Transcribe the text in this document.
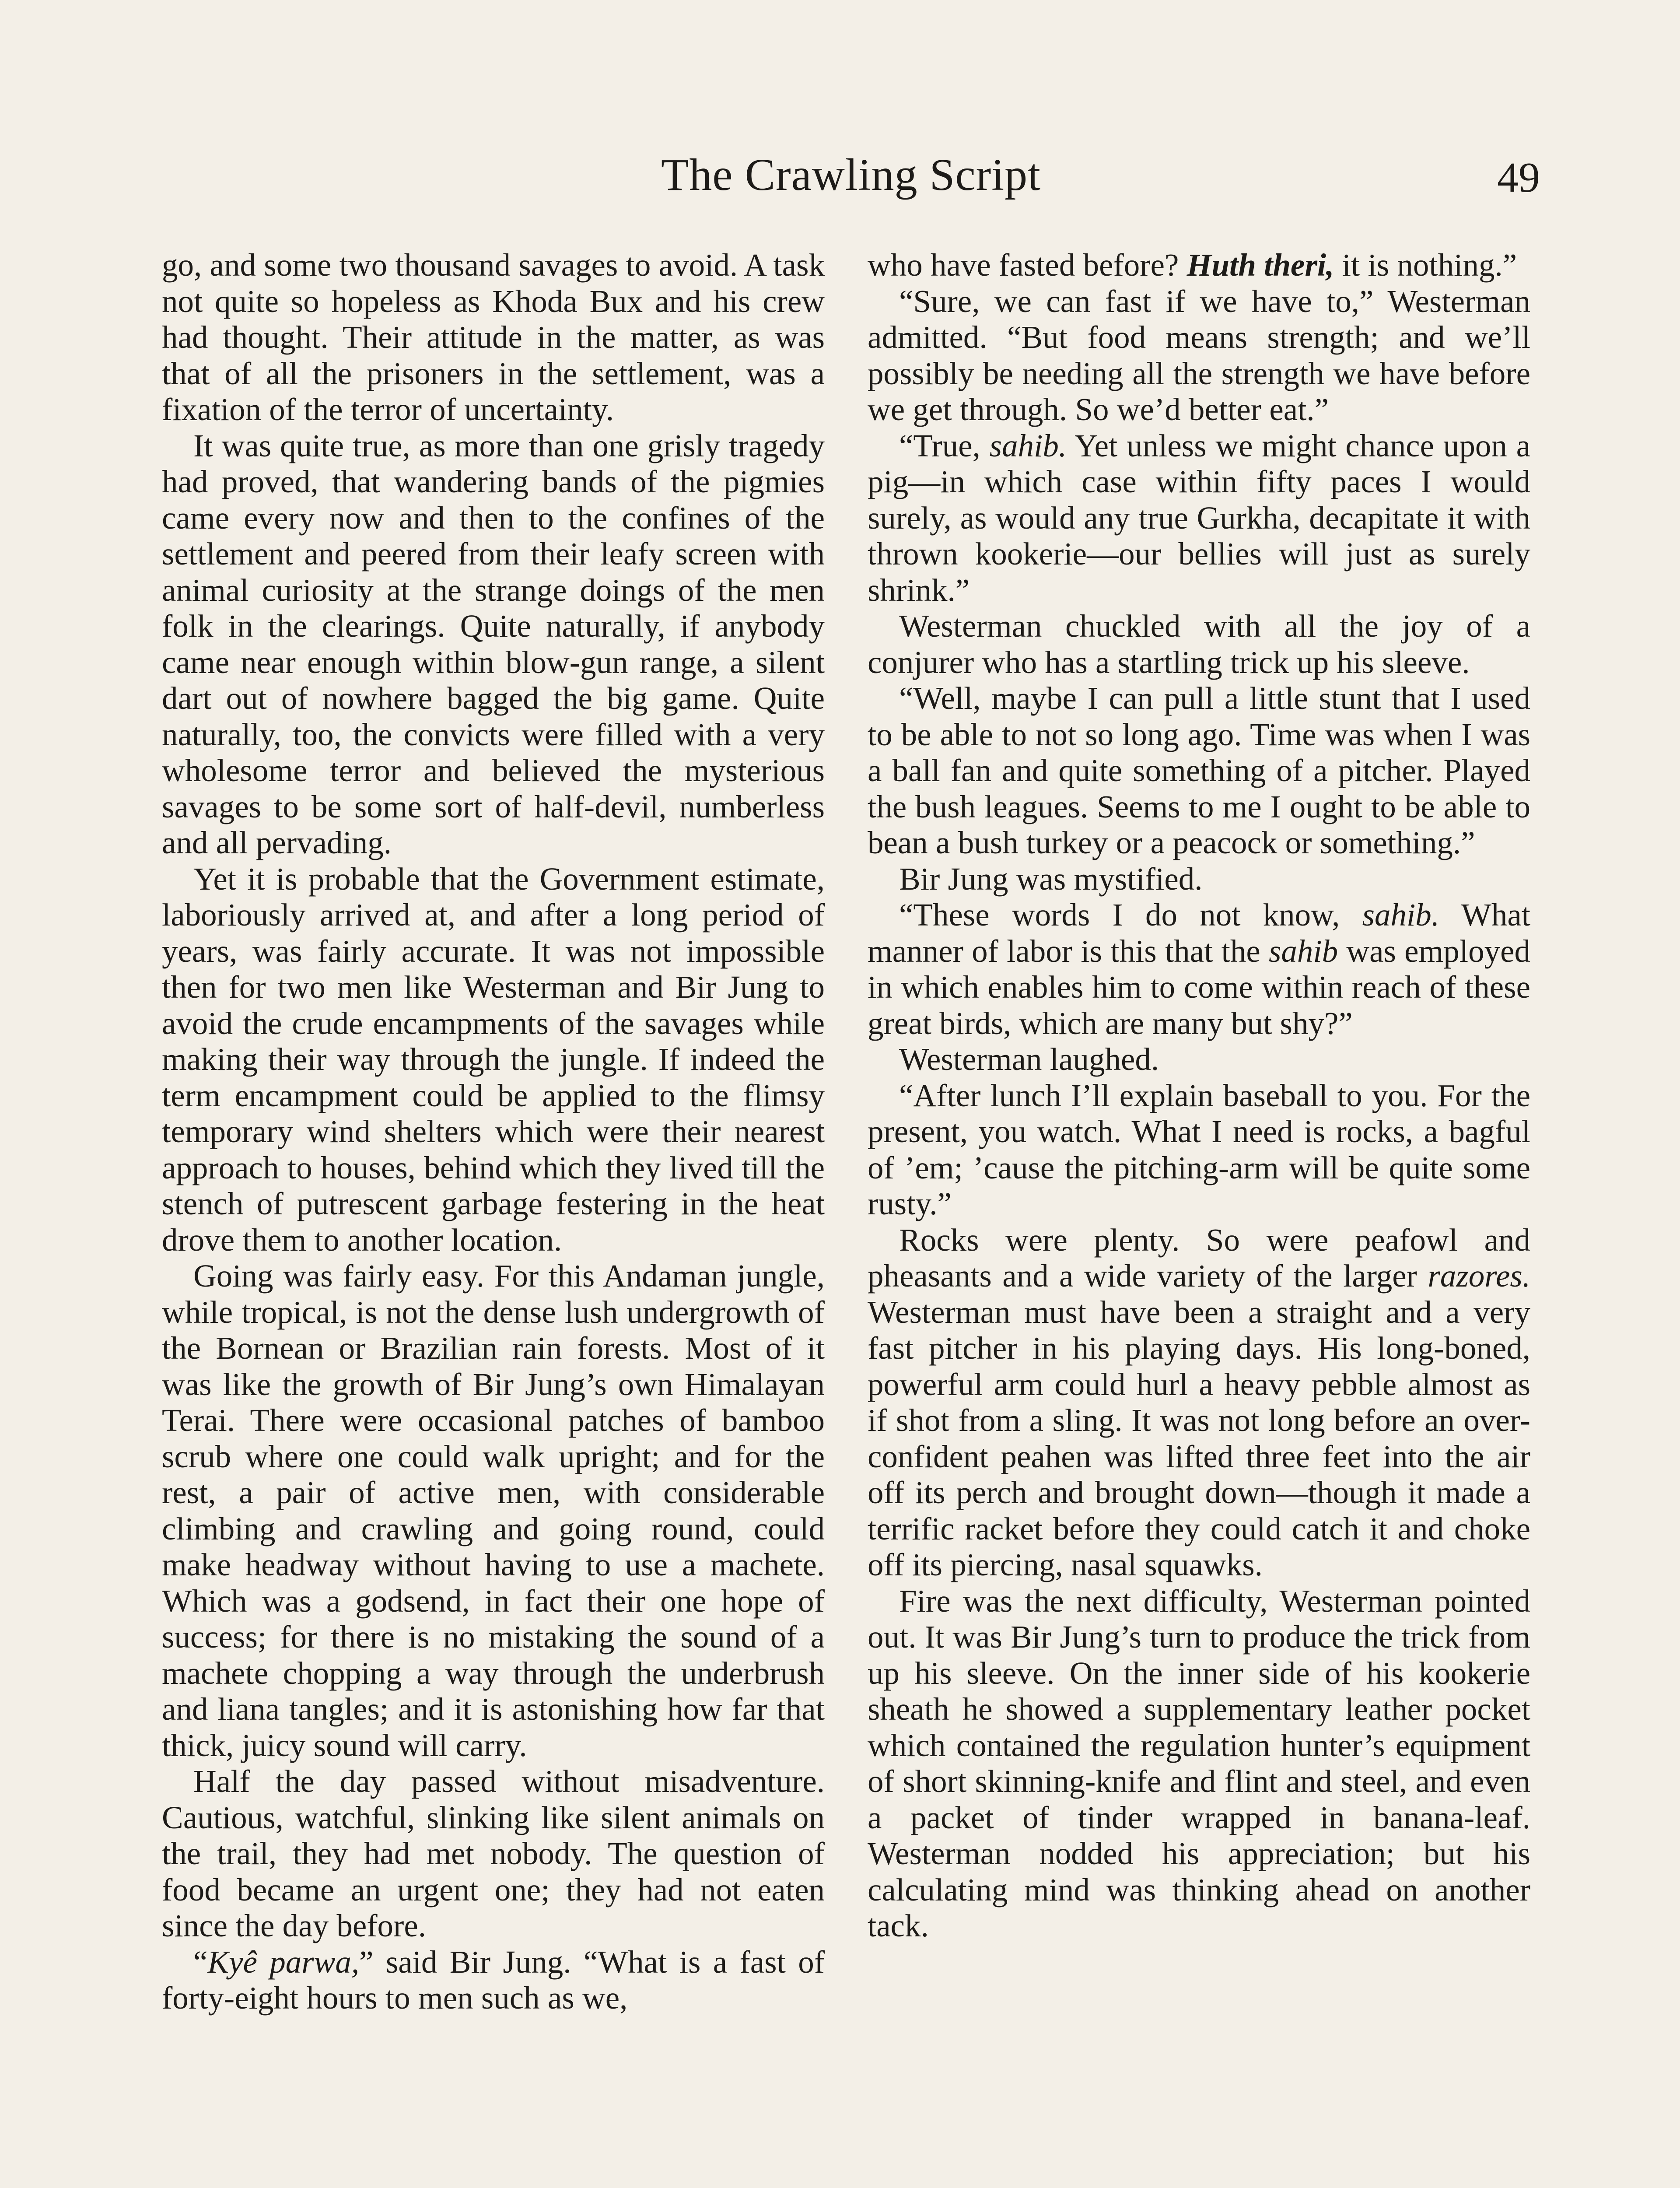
The Crawling Script	49

go, and some two thousand savages to avoid. A task not quite so hopeless as Khoda Bux and his crew had thought. Their attitude in the matter, as was that of all the prisoners in the settlement, was a fixation of the terror of uncertainty.

It was quite true, as more than one grisly tragedy had proved, that wandering bands of the pigmies came every now and then to the confines of the settlement and peered from their leafy screen with animal curiosity at the strange doings of the men folk in the clearings. Quite naturally, if anybody came near enough within blow-gun range, a silent dart out of nowhere bagged the big game. Quite naturally, too, the convicts were filled with a very wholesome terror and believed the mysterious savages to be some sort of half-devil, numberless and all pervading.

Yet it is probable that the Government estimate, laboriously arrived at, and after a long period of years, was fairly accurate. It was not impossible then for two men like Westerman and Bir Jung to avoid the crude encampments of the savages while making their way through the jungle. If indeed the term encampment could be applied to the flimsy temporary wind shelters which were their nearest approach to houses, behind which they lived till the stench of putrescent garbage festering in the heat drove them to another location.

Going was fairly easy. For this Andaman jungle, while tropical, is not the dense lush undergrowth of the Bornean or Brazilian rain forests. Most of it was like the growth of Bir Jung’s own Himalayan Terai. There were occasional patches of bamboo scrub where one could walk upright; and for the rest, a pair of active men, with considerable climbing and crawling and going round, could make headway without having to use a machete. Which was a godsend, in fact their one hope of success; for there is no mistaking the sound of a machete chopping a way through the underbrush and liana tangles; and it is astonishing how far that thick, juicy sound will carry.

Half the day passed without misadventure. Cautious, watchful, slinking like silent animals on the trail, they had met nobody. The question of food became an urgent one; they had not eaten since the day before.

“Kyê parwa,” said Bir Jung. “What is a fast of forty-eight hours to men such as we,

who have fasted before? Huth theri, it is nothing.”

“Sure, we can fast if we have to,” Westerman admitted. “But food means strength; and we’ll possibly be needing all the strength we have before we get through. So we’d better eat.”

“True, sahib. Yet unless we might chance upon a pig—in which case within fifty paces I would surely, as would any true Gurkha, decapitate it with thrown kookerie—our bellies will just as surely shrink.”

Westerman chuckled with all the joy of a conjurer who has a startling trick up his sleeve.

“Well, maybe I can pull a little stunt that I used to be able to not so long ago. Time was when I was a ball fan and quite something of a pitcher. Played the bush leagues. Seems to me I ought to be able to bean a bush turkey or a peacock or something.”

Bir Jung was mystified.

“These words I do not know, sahib. What manner of labor is this that the sahib was employed in which enables him to come within reach of these great birds, which are many but shy?”

Westerman laughed.

“After lunch I’ll explain baseball to you. For the present, you watch. What I need is rocks, a bagful of ’em; ’cause the pitching-arm will be quite some rusty.”

Rocks were plenty. So were peafowl and pheasants and a wide variety of the larger razores. Westerman must have been a straight and a very fast pitcher in his playing days. His long-boned, powerful arm could hurl a heavy pebble almost as if shot from a sling. It was not long before an over-confident peahen was lifted three feet into the air off its perch and brought down—though it made a terrific racket before they could catch it and choke off its piercing, nasal squawks.

Fire was the next difficulty, Westerman pointed out. It was Bir Jung’s turn to produce the trick from up his sleeve. On the inner side of his kookerie sheath he showed a supplementary leather pocket which contained the regulation hunter’s equipment of short skinning-knife and flint and steel, and even a packet of tinder wrapped in banana-leaf. Westerman nodded his appreciation; but his calculating mind was thinking ahead on another tack.
